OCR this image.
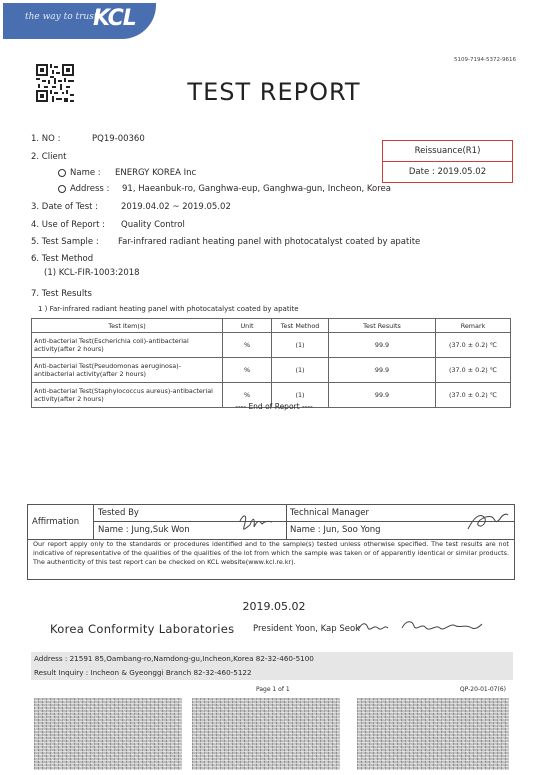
the way to trust
KCL
5109-7194-5372-9616
TEST REPORT
Reissuance(R1)
Date : 2019.05.02
1. NO :	PQ19-00360
2. Client
Name : ENERGY KOREA Inc
Address : 91, Haeanbuk-ro, Ganghwa-eup, Ganghwa-gun, Incheon, Korea
3. Date of Test :	2019.04.02 ~ 2019.05.02
4. Use of Report : Quality Control
5. Test Sample : Far-infrared radiant heating panel with photocatalyst coated by apatite
6. Test Method
(1) KCL-FIR-1003:2018
7. Test Results
1 ) Far-infrared radiant heating panel with photocatalyst coated by apatite
Test Item(s)	Unit	Test Method	Test Results	Remark
Anti-bacterial Test(Escherichia coli)-antibacterial activity(after 2 hours)	%	(1)	99.9	(37.0 ± 0.2) ℃
Anti-bacterial Test(Pseudomonas aeruginosa)-antibacterial activity(after 2 hours)	%	(1)	99.9	(37.0 ± 0.2) ℃
Anti-bacterial Test(Staphylococcus aureus)-antibacterial activity(after 2 hours)	%	(1)	99.9	(37.0 ± 0.2) ℃
---- End of Report ----
Affirmation
Tested By
Name : Jung,Suk Won
Technical Manager
Name : Jun, Soo Yong

Our report apply only to the standards or procedures identified and to the sample(s) tested unless otherwise specified. The test results are not indicative of representative of the qualities of the qualities of the lot from which the sample was taken or of apparently identical or similar products. The authenticity of this test report can be checked on KCL website(www.kcl.re.kr).

2019.05.02
Korea Conformity Laboratories President Yoon, Kap Seok
Address : 21591 85,Oambang-ro,Namdong-gu,Incheon,Korea 82-32-460-5100
Result Inquiry : Incheon & Gyeonggi Branch 82-32-460-5122
Page 1 of 1	QP-20-01-07(6)
